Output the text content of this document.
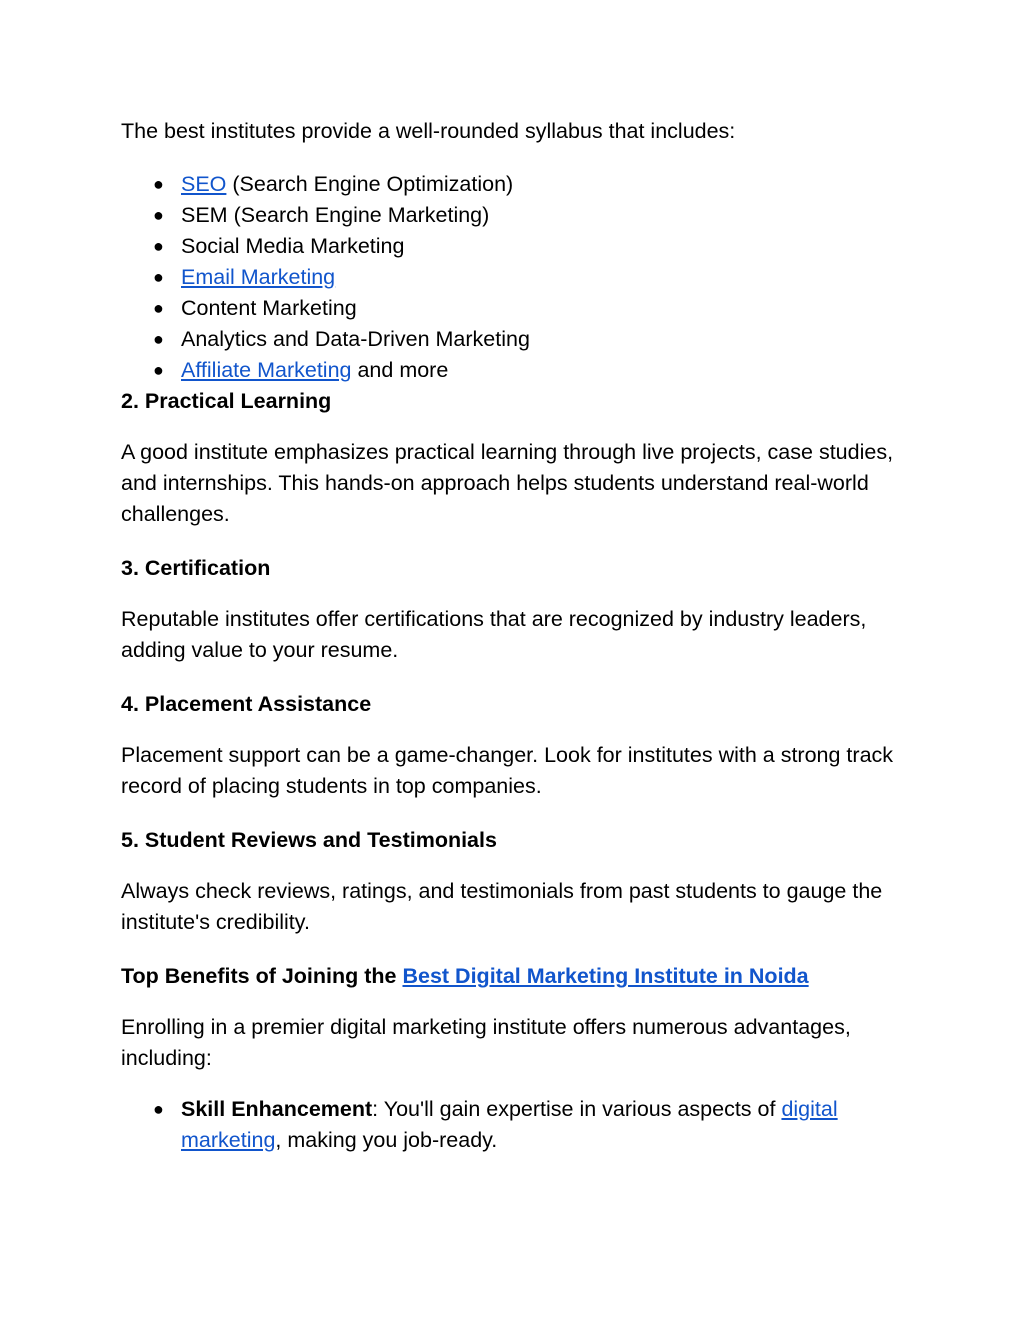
The best institutes provide a well-rounded syllabus that includes:

● SEO (Search Engine Optimization)
● SEM (Search Engine Marketing)
● Social Media Marketing
● Email Marketing
● Content Marketing
● Analytics and Data-Driven Marketing
● Affiliate Marketing and more
2. Practical Learning

A good institute emphasizes practical learning through live projects, case studies, and internships. This hands-on approach helps students understand real-world challenges.

3. Certification

Reputable institutes offer certifications that are recognized by industry leaders, adding value to your resume.

4. Placement Assistance

Placement support can be a game-changer. Look for institutes with a strong track record of placing students in top companies.

5. Student Reviews and Testimonials

Always check reviews, ratings, and testimonials from past students to gauge the institute's credibility.

Top Benefits of Joining the Best Digital Marketing Institute in Noida

Enrolling in a premier digital marketing institute offers numerous advantages, including:

● Skill Enhancement: You'll gain expertise in various aspects of digital marketing, making you job-ready.
